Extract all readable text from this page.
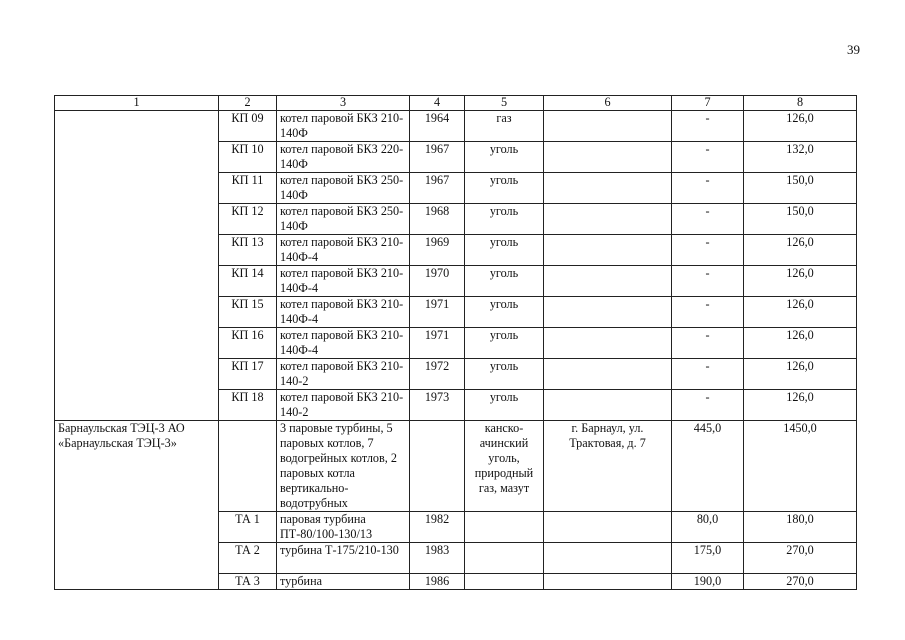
39
1	2	3	4	5	6	7	8
	КП 09	котел паровой БКЗ 210-140Ф	1964	газ		-	126,0
	КП 10	котел паровой БКЗ 220-140Ф	1967	уголь		-	132,0
	КП 11	котел паровой БКЗ 250-140Ф	1967	уголь		-	150,0
	КП 12	котел паровой БКЗ 250-140Ф	1968	уголь		-	150,0
	КП 13	котел паровой БКЗ 210-140Ф-4	1969	уголь		-	126,0
	КП 14	котел паровой БКЗ 210-140Ф-4	1970	уголь		-	126,0
	КП 15	котел паровой БКЗ 210-140Ф-4	1971	уголь		-	126,0
	КП 16	котел паровой БКЗ 210-140Ф-4	1971	уголь		-	126,0
	КП 17	котел паровой БКЗ 210-140-2	1972	уголь		-	126,0
	КП 18	котел паровой БКЗ 210-140-2	1973	уголь		-	126,0
Барнаульская ТЭЦ-3 АО «Барнаульская ТЭЦ-3»		3 паровые турбины, 5 паровых котлов, 7 водогрейных котлов, 2 паровых котла вертикально-водотрубных		канско-ачинский уголь, природный газ, мазут	г. Барнаул, ул. Трактовая, д. 7	445,0	1450,0
	ТА 1	паровая турбина ПТ-80/100-130/13	1982			80,0	180,0
	ТА 2	турбина Т-175/210-130	1983			175,0	270,0
	ТА 3	турбина	1986			190,0	270,0
